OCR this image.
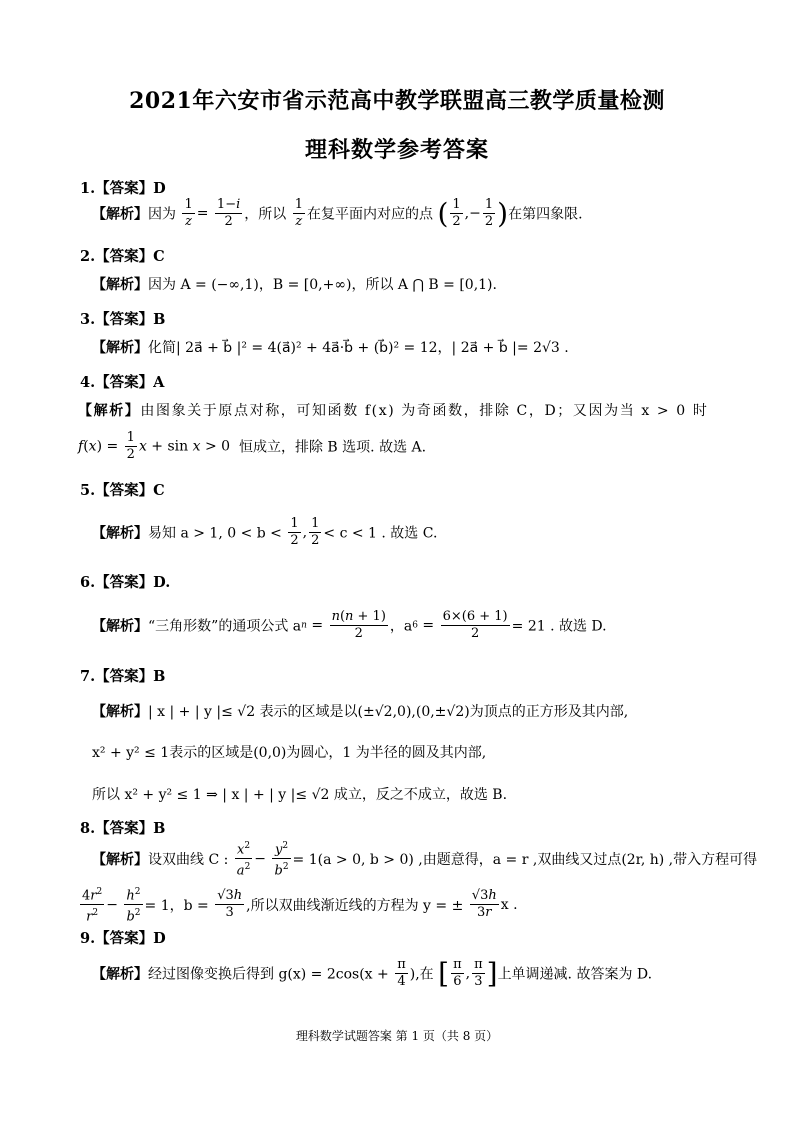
2021年六安市省示范高中教学联盟高三教学质量检测
理科数学参考答案
1.【答案】D
【解析】因为 $\frac{1}{z} = \frac{1-i}{2}$ ，所以 $\frac{1}{z}$ 在复平面内对应的点 ( $\frac{1}{2}$ ,− $\frac{1}{2}$ )在第四象限.
2.【答案】C
【解析】因为 A = (−∞,1)，B = [0,+∞)，所以 A ⋂ B = [0,1).
3.【答案】B
【解析】化简| 2a⃗ + b⃗ |² = 4(a⃗)² + 4a⃗·b⃗ + (b⃗)² = 12，| 2a⃗ + b⃗ |= 2√3 .
4.【答案】A
【解析】由图象关于原点对称，可知函数 f(x) 为奇函数，排除 C，D；又因为当 x > 0 时
$f(x) = \frac{1}{2}$ x + sin x > 0  恒成立，排除 B 选项. 故选 A.
5.【答案】C
【解析】易知 a > 1, $0 < b < \frac{1}{2}$ , $\frac{1}{2} < c < 1$ . 故选 C.
6.【答案】D.
【解析】“三角形数”的通项公式 an = $\frac{n(n + 1)}{2}$ ，$a6 = \frac{6\times(6 + 1)}{2} = 21$ . 故选 D.
7.【答案】B
【解析】| x | + | y |≤ √2 表示的区域是以(±√2,0),(0,±√2)为顶点的正方形及其内部,
x² + y² ≤ 1表示的区域是(0,0)为圆心，1 为半径的圆及其内部,
所以 x² + y² ≤ 1 ⇒ | x | + | y |≤ √2 成立，反之不成立，故选 B.
8.【答案】B
【解析】设双曲线 C : $\frac{x^2}{a^2} - \frac{y^2}{b^2} = 1(a > 0$, b > 0) ,由题意得，a = r ,双曲线又过点(2r, h) ,带入方程可得
$\frac{4r^2}{r^2} - \frac{h^2}{b^2} = 1$，$b = \frac{√3h}{3}$ ,所以双曲线渐近线的方程为 y = ± $\frac{√3h}{3r}$ x .
9.【答案】D
【解析】经过图像变换后得到 $g(x) = 2\cos(x + \frac{\pi}{4}$ ),在 [ $\frac{\pi}{6}$ , $\frac{\pi}{3}$ ]上单调递减. 故答案为 D.
理科数学试题答案 第 1 页（共 8 页）
